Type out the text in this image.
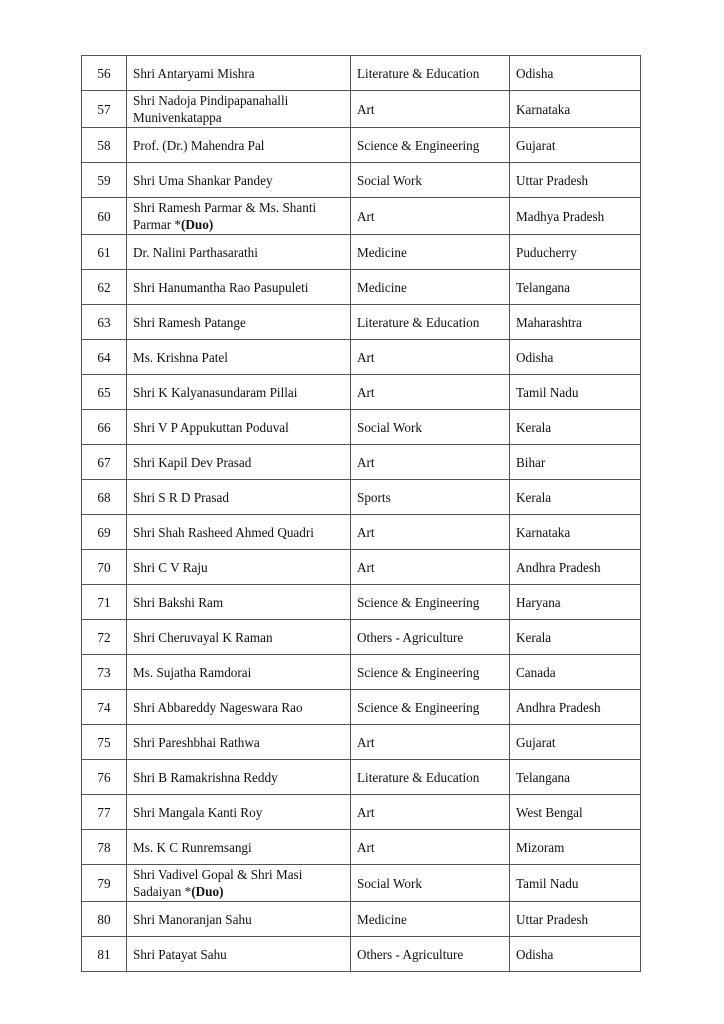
56	Shri Antaryami Mishra	Literature & Education	Odisha
57	Shri Nadoja Pindipapanahalli Munivenkatappa	Art	Karnataka
58	Prof. (Dr.) Mahendra Pal	Science & Engineering	Gujarat
59	Shri Uma Shankar Pandey	Social Work	Uttar Pradesh
60	Shri Ramesh Parmar & Ms. Shanti Parmar *(Duo)	Art	Madhya Pradesh
61	Dr. Nalini Parthasarathi	Medicine	Puducherry
62	Shri Hanumantha Rao Pasupuleti	Medicine	Telangana
63	Shri Ramesh Patange	Literature & Education	Maharashtra
64	Ms. Krishna Patel	Art	Odisha
65	Shri K Kalyanasundaram Pillai	Art	Tamil Nadu
66	Shri V P Appukuttan Poduval	Social Work	Kerala
67	Shri Kapil Dev Prasad	Art	Bihar
68	Shri S R D Prasad	Sports	Kerala
69	Shri Shah Rasheed Ahmed Quadri	Art	Karnataka
70	Shri C V Raju	Art	Andhra Pradesh
71	Shri Bakshi Ram	Science & Engineering	Haryana
72	Shri Cheruvayal K Raman	Others - Agriculture	Kerala
73	Ms. Sujatha Ramdorai	Science & Engineering	Canada
74	Shri Abbareddy Nageswara Rao	Science & Engineering	Andhra Pradesh
75	Shri Pareshbhai Rathwa	Art	Gujarat
76	Shri B Ramakrishna Reddy	Literature & Education	Telangana
77	Shri Mangala Kanti Roy	Art	West Bengal
78	Ms. K C Runremsangi	Art	Mizoram
79	Shri Vadivel Gopal & Shri Masi Sadaiyan *(Duo)	Social Work	Tamil Nadu
80	Shri Manoranjan Sahu	Medicine	Uttar Pradesh
81	Shri Patayat Sahu	Others - Agriculture	Odisha
